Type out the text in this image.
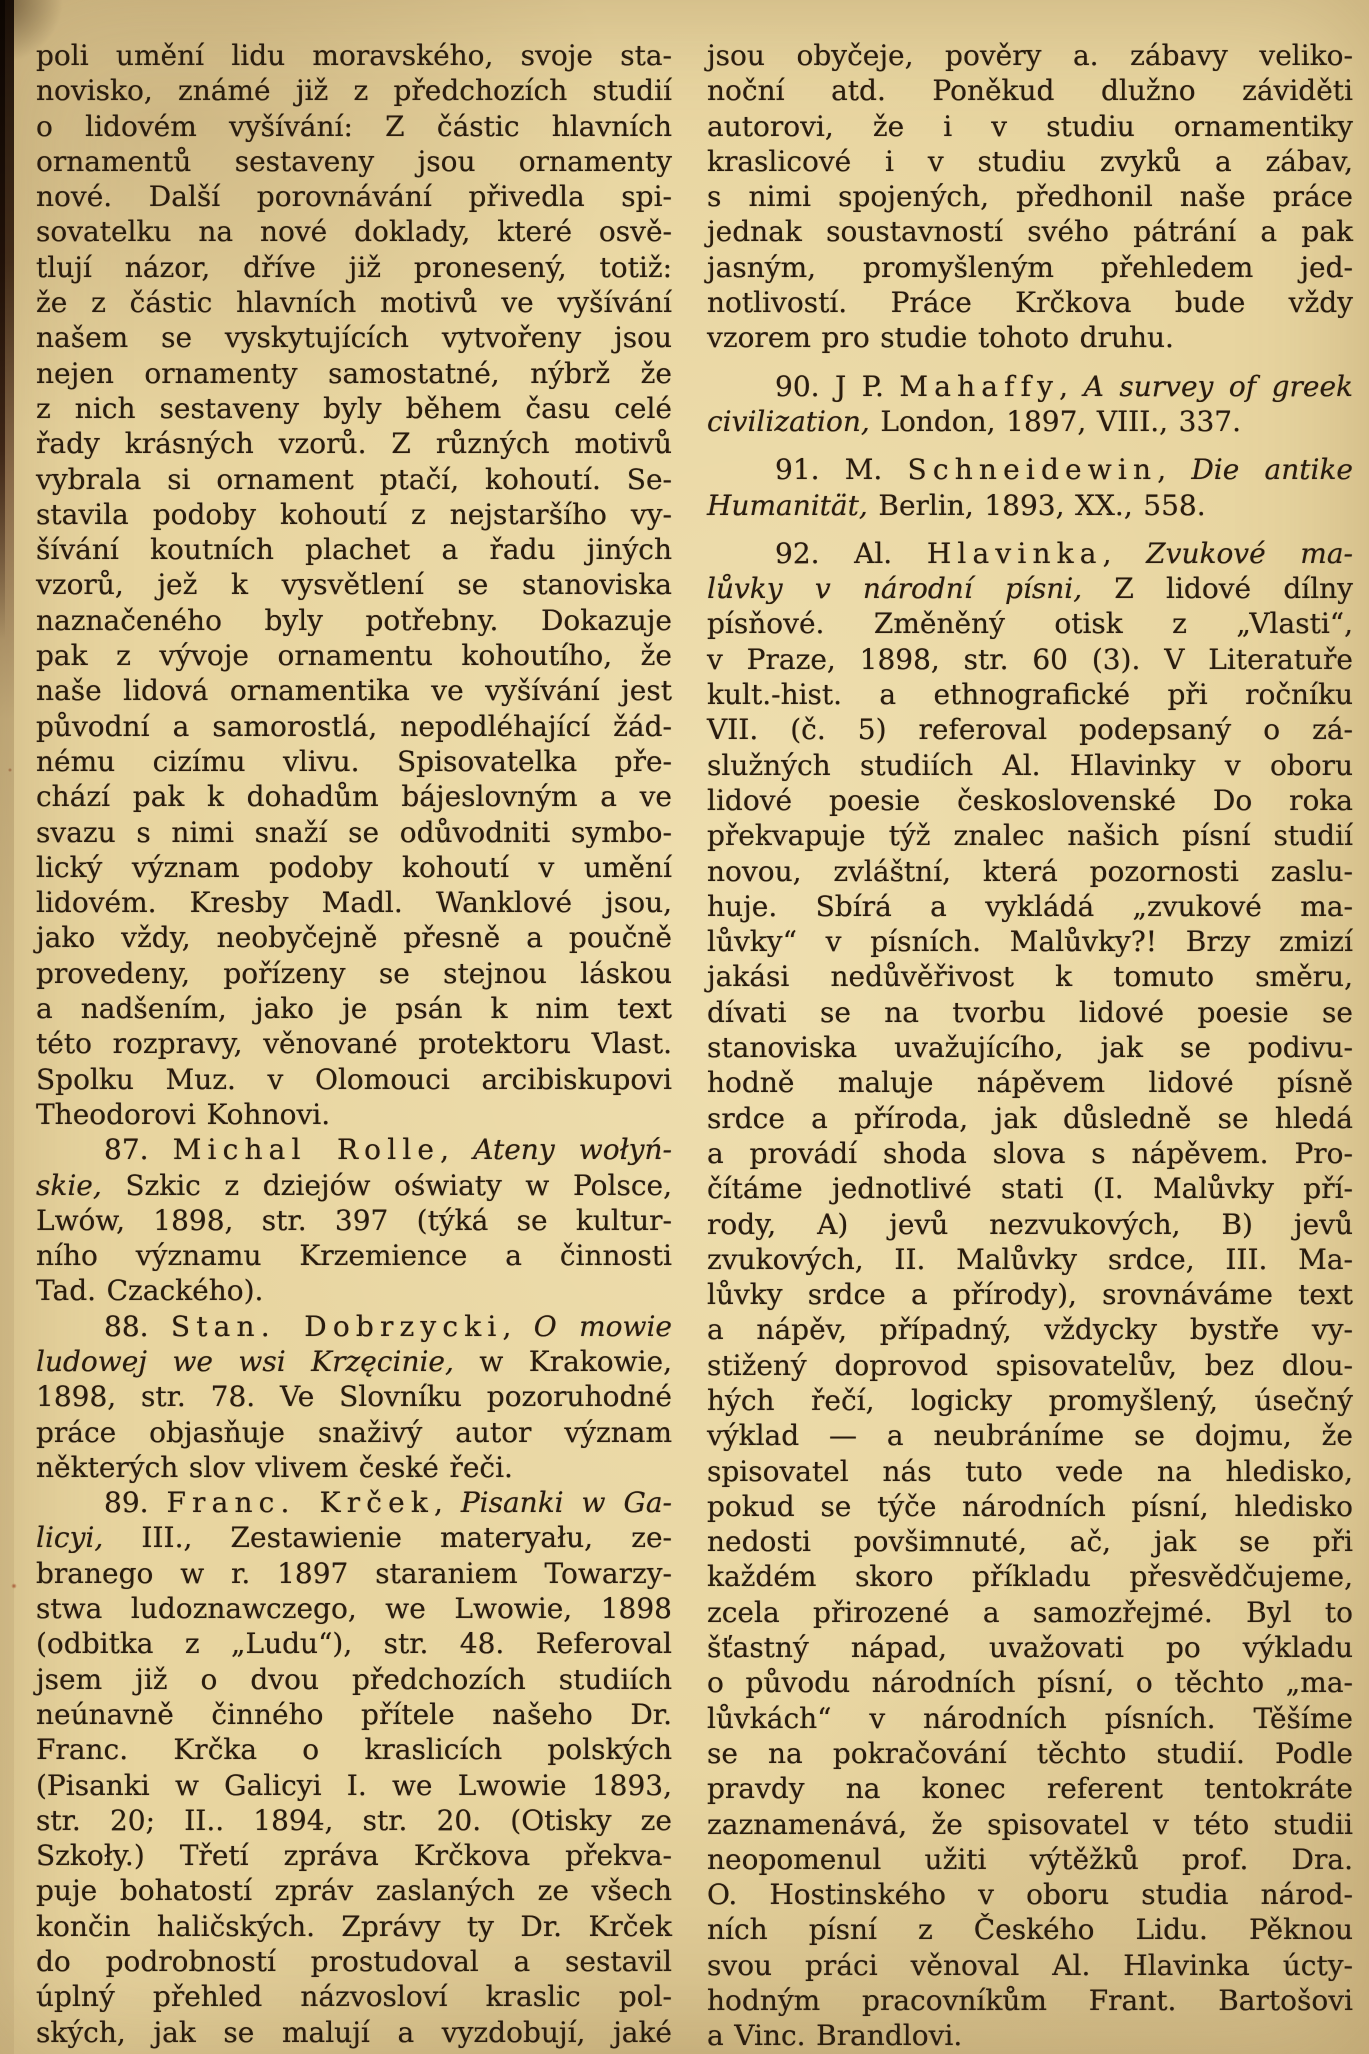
poli umění lidu moravského, svoje sta-
novisko, známé již z předchozích studií
o lidovém vyšívání: Z částic hlavních
ornamentů sestaveny jsou ornamenty
nové. Další porovnávání přivedla spi-
sovatelku na nové doklady, které osvě-
tlují názor, dříve již pronesený, totiž:
že z částic hlavních motivů ve vyšívání
našem se vyskytujících vytvořeny jsou
nejen ornamenty samostatné, nýbrž že
z nich sestaveny byly během času celé
řady krásných vzorů. Z různých motivů
vybrala si ornament ptačí, kohoutí. Se-
stavila podoby kohoutí z nejstaršího vy-
šívání koutních plachet a řadu jiných
vzorů, jež k vysvětlení se stanoviska
naznačeného byly potřebny. Dokazuje
pak z vývoje ornamentu kohoutího, že
naše lidová ornamentika ve vyšívání jest
původní a samorostlá, nepodléhající žád-
nému cizímu vlivu. Spisovatelka pře-
chází pak k dohadům bájeslovným a ve
svazu s nimi snaží se odůvodniti symbo-
lický význam podoby kohoutí v umění
lidovém. Kresby Madl. Wanklové jsou,
jako vždy, neobyčejně přesně a poučně
provedeny, pořízeny se stejnou láskou
a nadšením, jako je psán k nim text
této rozpravy, věnované protektoru Vlast.
Spolku Muz. v Olomouci arcibiskupovi
Theodorovi Kohnovi.
87. Michal Rolle, Ateny wołyń-
skie, Szkic z dziejów oświaty w Polsce,
Lwów, 1898, str. 397 (týká se kultur-
ního významu Krzemience a činnosti
Tad. Czackého).
88. Stan. Dobrzycki, O mowie
ludowej we wsi Krzęcinie, w Krakowie,
1898, str. 78. Ve Slovníku pozoruhodné
práce objasňuje snaživý autor význam
některých slov vlivem české řeči.
89. Franc. Krček, Pisanki w Ga-
licyi, III., Zestawienie materyału, ze-
branego w r. 1897 staraniem Towarzy-
stwa ludoznawczego, we Lwowie, 1898
(odbitka z „Ludu“), str. 48. Referoval
jsem již o dvou předchozích studiích
neúnavně činného přítele našeho Dr.
Franc. Krčka o kraslicích polských
(Pisanki w Galicyi I. we Lwowie 1893,
str. 20; II.. 1894, str. 20. (Otisky ze
Szkoły.) Třetí zpráva Krčkova překva-
puje bohatostí zpráv zaslaných ze všech
končin haličských. Zprávy ty Dr. Krček
do podrobností prostudoval a sestavil
úplný přehled názvosloví kraslic pol-
ských, jak se malují a vyzdobují, jaké
jsou obyčeje, pověry a. zábavy veliko-
noční atd. Poněkud dlužno záviděti
autorovi, že i v studiu ornamentiky
kraslicové i v studiu zvyků a zábav,
s nimi spojených, předhonil naše práce
jednak soustavností svého pátrání a pak
jasným, promyšleným přehledem jed-
notlivostí. Práce Krčkova bude vždy
vzorem pro studie tohoto druhu.
90. J P. Mahaffy, A survey of greek
civilization, London, 1897, VIII., 337.
91. M. Schneidewin, Die antike
Humanität, Berlin, 1893, XX., 558.
92. Al. Hlavinka, Zvukové ma-
lůvky v národní písni, Z lidové dílny
písňové. Změněný otisk z „Vlasti“,
v Praze, 1898, str. 60 (3). V Literatuře
kult.-hist. a ethnografické při ročníku
VII. (č. 5) referoval podepsaný o zá-
služných studiích Al. Hlavinky v oboru
lidové poesie československé Do roka
překvapuje týž znalec našich písní studií
novou, zvláštní, která pozornosti zaslu-
huje. Sbírá a vykládá „zvukové ma-
lůvky“ v písních. Malůvky?! Brzy zmizí
jakási nedůvěřivost k tomuto směru,
dívati se na tvorbu lidové poesie se
stanoviska uvažujícího, jak se podivu-
hodně maluje nápěvem lidové písně
srdce a příroda, jak důsledně se hledá
a provádí shoda slova s nápěvem. Pro-
čítáme jednotlivé stati (I. Malůvky pří-
rody, A) jevů nezvukových, B) jevů
zvukových, II. Malůvky srdce, III. Ma-
lůvky srdce a přírody), srovnáváme text
a nápěv, případný, vždycky bystře vy-
stižený doprovod spisovatelův, bez dlou-
hých řečí, logicky promyšlený, úsečný
výklad — a neubráníme se dojmu, že
spisovatel nás tuto vede na hledisko,
pokud se týče národních písní, hledisko
nedosti povšimnuté, ač, jak se při
každém skoro příkladu přesvědčujeme,
zcela přirozené a samozřejmé. Byl to
šťastný nápad, uvažovati po výkladu
o původu národních písní, o těchto „ma-
lůvkách“ v národních písních. Těšíme
se na pokračování těchto studií. Podle
pravdy na konec referent tentokráte
zaznamenává, že spisovatel v této studii
neopomenul užiti výtěžků prof. Dra.
O. Hostinského v oboru studia národ-
ních písní z Českého Lidu. Pěknou
svou práci věnoval Al. Hlavinka úcty-
hodným pracovníkům Frant. Bartošovi
a Vinc. Brandlovi.
